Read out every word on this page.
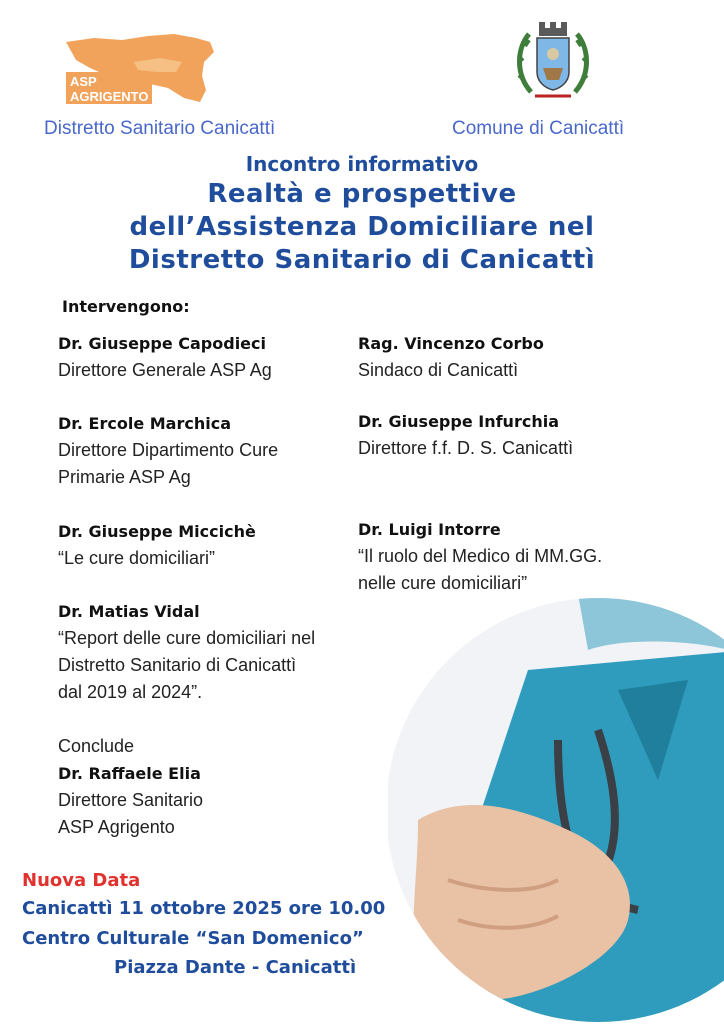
ASP
AGRIGENTO
Distretto Sanitario Canicattì	Comune di Canicattì
Incontro informativo
Realtà e prospettive
dell’Assistenza Domiciliare nel
Distretto Sanitario di Canicattì
Intervengono:
Dr. Giuseppe Capodieci
Direttore Generale ASP Ag
Rag. Vincenzo Corbo
Sindaco di Canicattì
Dr. Ercole Marchica
Direttore Dipartimento Cure
Primarie ASP Ag
Dr. Giuseppe Infurchia
Direttore f.f. D. S. Canicattì
Dr. Giuseppe Miccichè
“Le cure domiciliari”
Dr. Luigi Intorre
“Il ruolo del Medico di MM.GG.
nelle cure domiciliari”
Dr. Matias Vidal
“Report delle cure domiciliari nel
Distretto Sanitario di Canicattì
dal 2019 al 2024”.
Conclude
Dr. Raffaele Elia
Direttore Sanitario
ASP Agrigento
Nuova Data
Canicattì 11 ottobre 2025 ore 10.00
Centro Culturale “San Domenico”
Piazza Dante - Canicattì
